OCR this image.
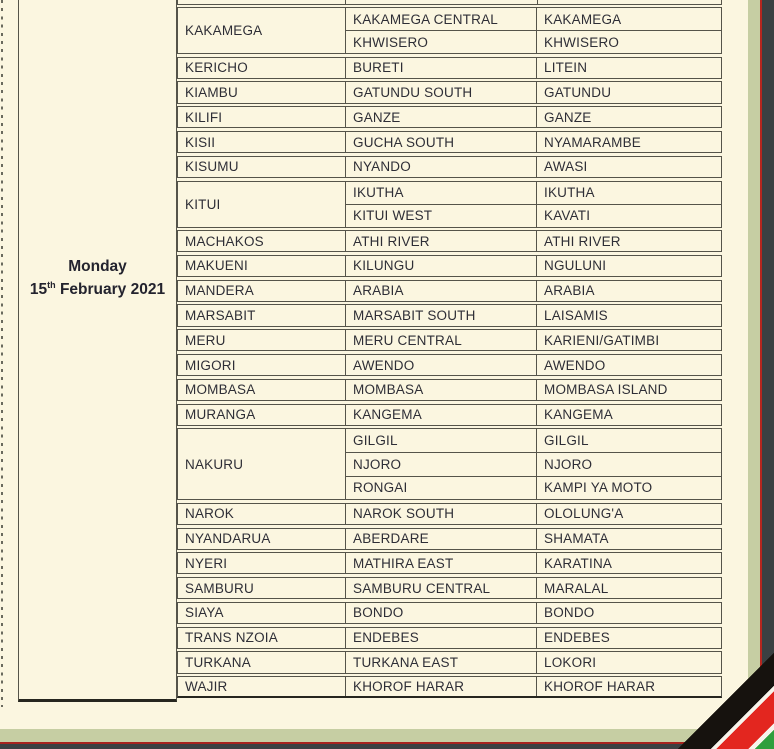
Monday
15th February 2021
KAKAMEGA
KAKAMEGA CENTRAL	KAKAMEGA
KHWISERO	KHWISERO
KERICHO	BURETI	LITEIN
KIAMBU	GATUNDU SOUTH	GATUNDU
KILIFI	GANZE	GANZE
KISII	GUCHA SOUTH	NYAMARAMBE
KISUMU	NYANDO	AWASI
KITUI
IKUTHA	IKUTHA
KITUI WEST	KAVATI
MACHAKOS	ATHI RIVER	ATHI RIVER
MAKUENI	KILUNGU	NGULUNI
MANDERA	ARABIA	ARABIA
MARSABIT	MARSABIT SOUTH	LAISAMIS
MERU	MERU CENTRAL	KARIENI/GATIMBI
MIGORI	AWENDO	AWENDO
MOMBASA	MOMBASA	MOMBASA ISLAND
MURANGA	KANGEMA	KANGEMA
NAKURU
GILGIL	GILGIL
NJORO	NJORO
RONGAI	KAMPI YA MOTO
NAROK	NAROK SOUTH	OLOLUNG'A
NYANDARUA	ABERDARE	SHAMATA
NYERI	MATHIRA EAST	KARATINA
SAMBURU	SAMBURU CENTRAL	MARALAL
SIAYA	BONDO	BONDO
TRANS NZOIA	ENDEBES	ENDEBES
TURKANA	TURKANA EAST	LOKORI
WAJIR	KHOROF HARAR	KHOROF HARAR
